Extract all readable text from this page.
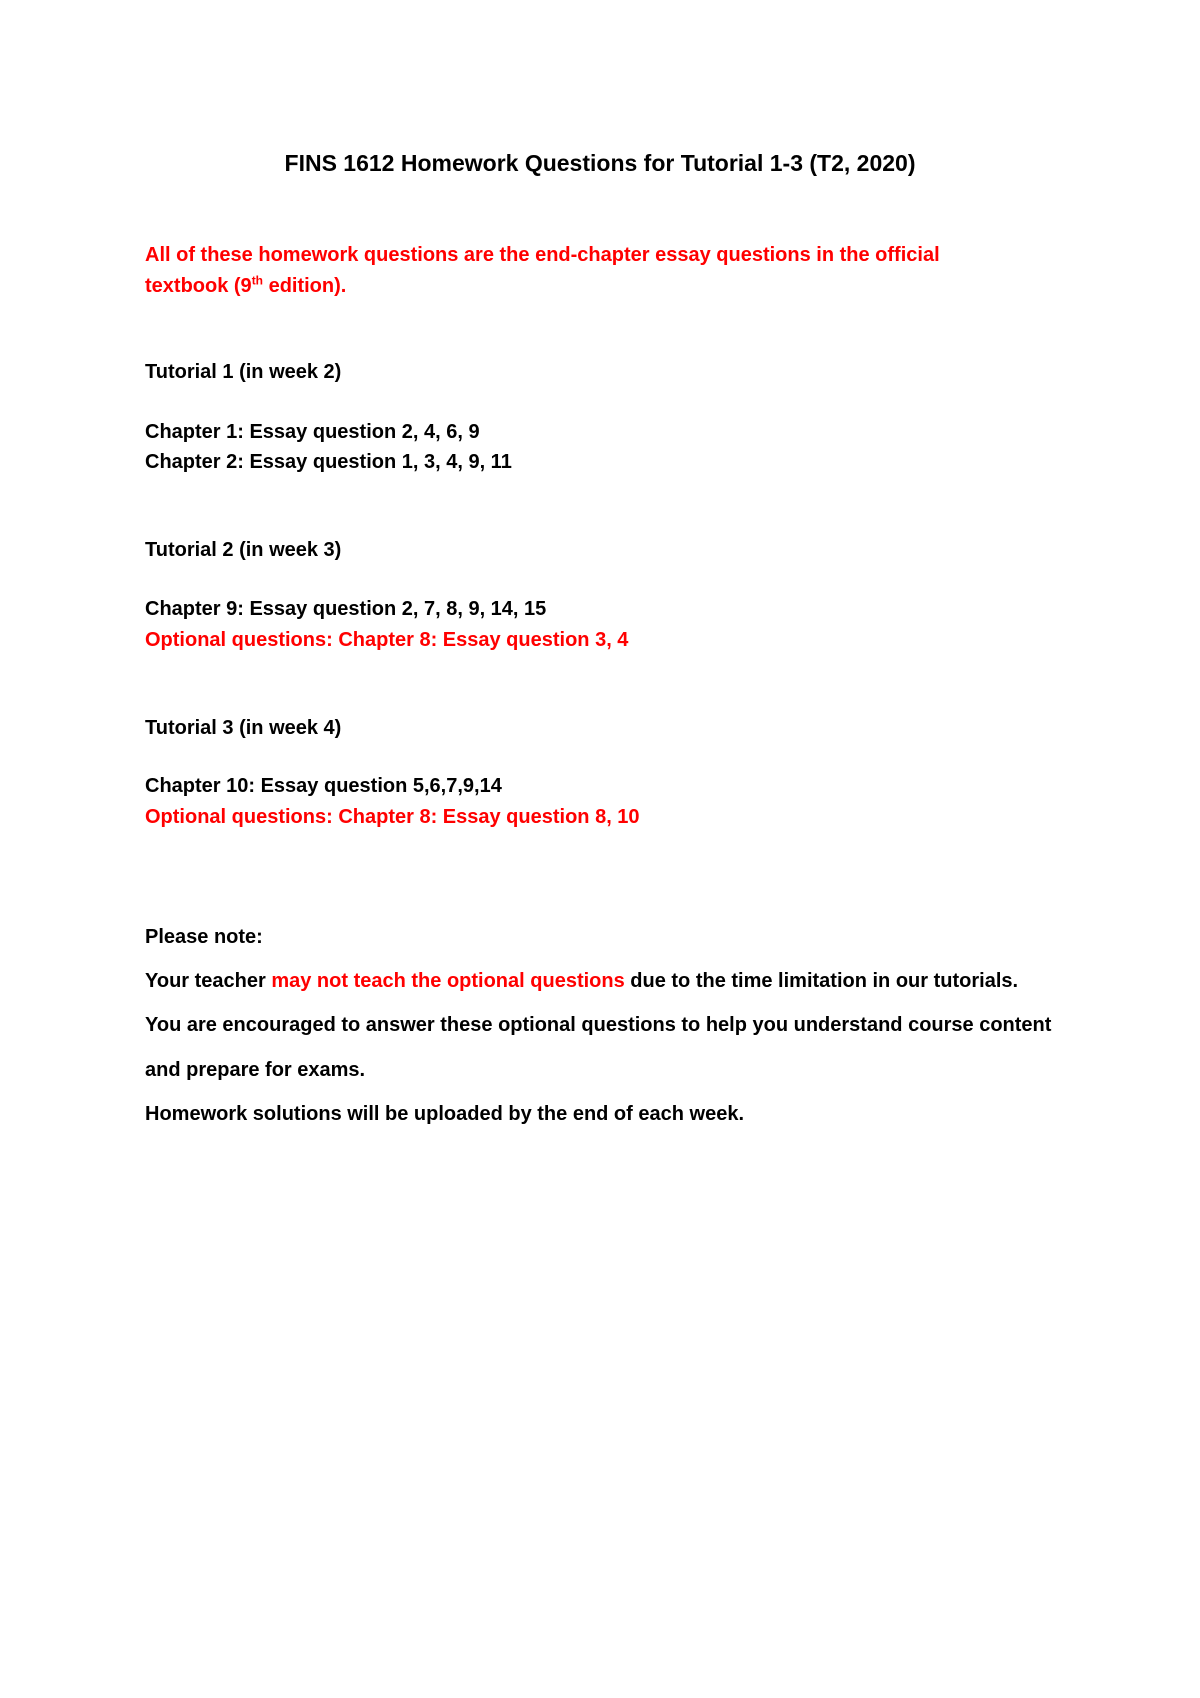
FINS 1612 Homework Questions for Tutorial 1-3 (T2, 2020)
All of these homework questions are the end-chapter essay questions in the official
textbook (9th edition).
Tutorial 1 (in week 2)
Chapter 1: Essay question 2, 4, 6, 9
Chapter 2: Essay question 1, 3, 4, 9, 11
Tutorial 2 (in week 3)
Chapter 9: Essay question 2, 7, 8, 9, 14, 15
Optional questions: Chapter 8: Essay question 3, 4
Tutorial 3 (in week 4)
Chapter 10: Essay question 5,6,7,9,14
Optional questions: Chapter 8: Essay question 8, 10
Please note:
Your teacher may not teach the optional questions due to the time limitation in our tutorials.
You are encouraged to answer these optional questions to help you understand course content
and prepare for exams.
Homework solutions will be uploaded by the end of each week.
